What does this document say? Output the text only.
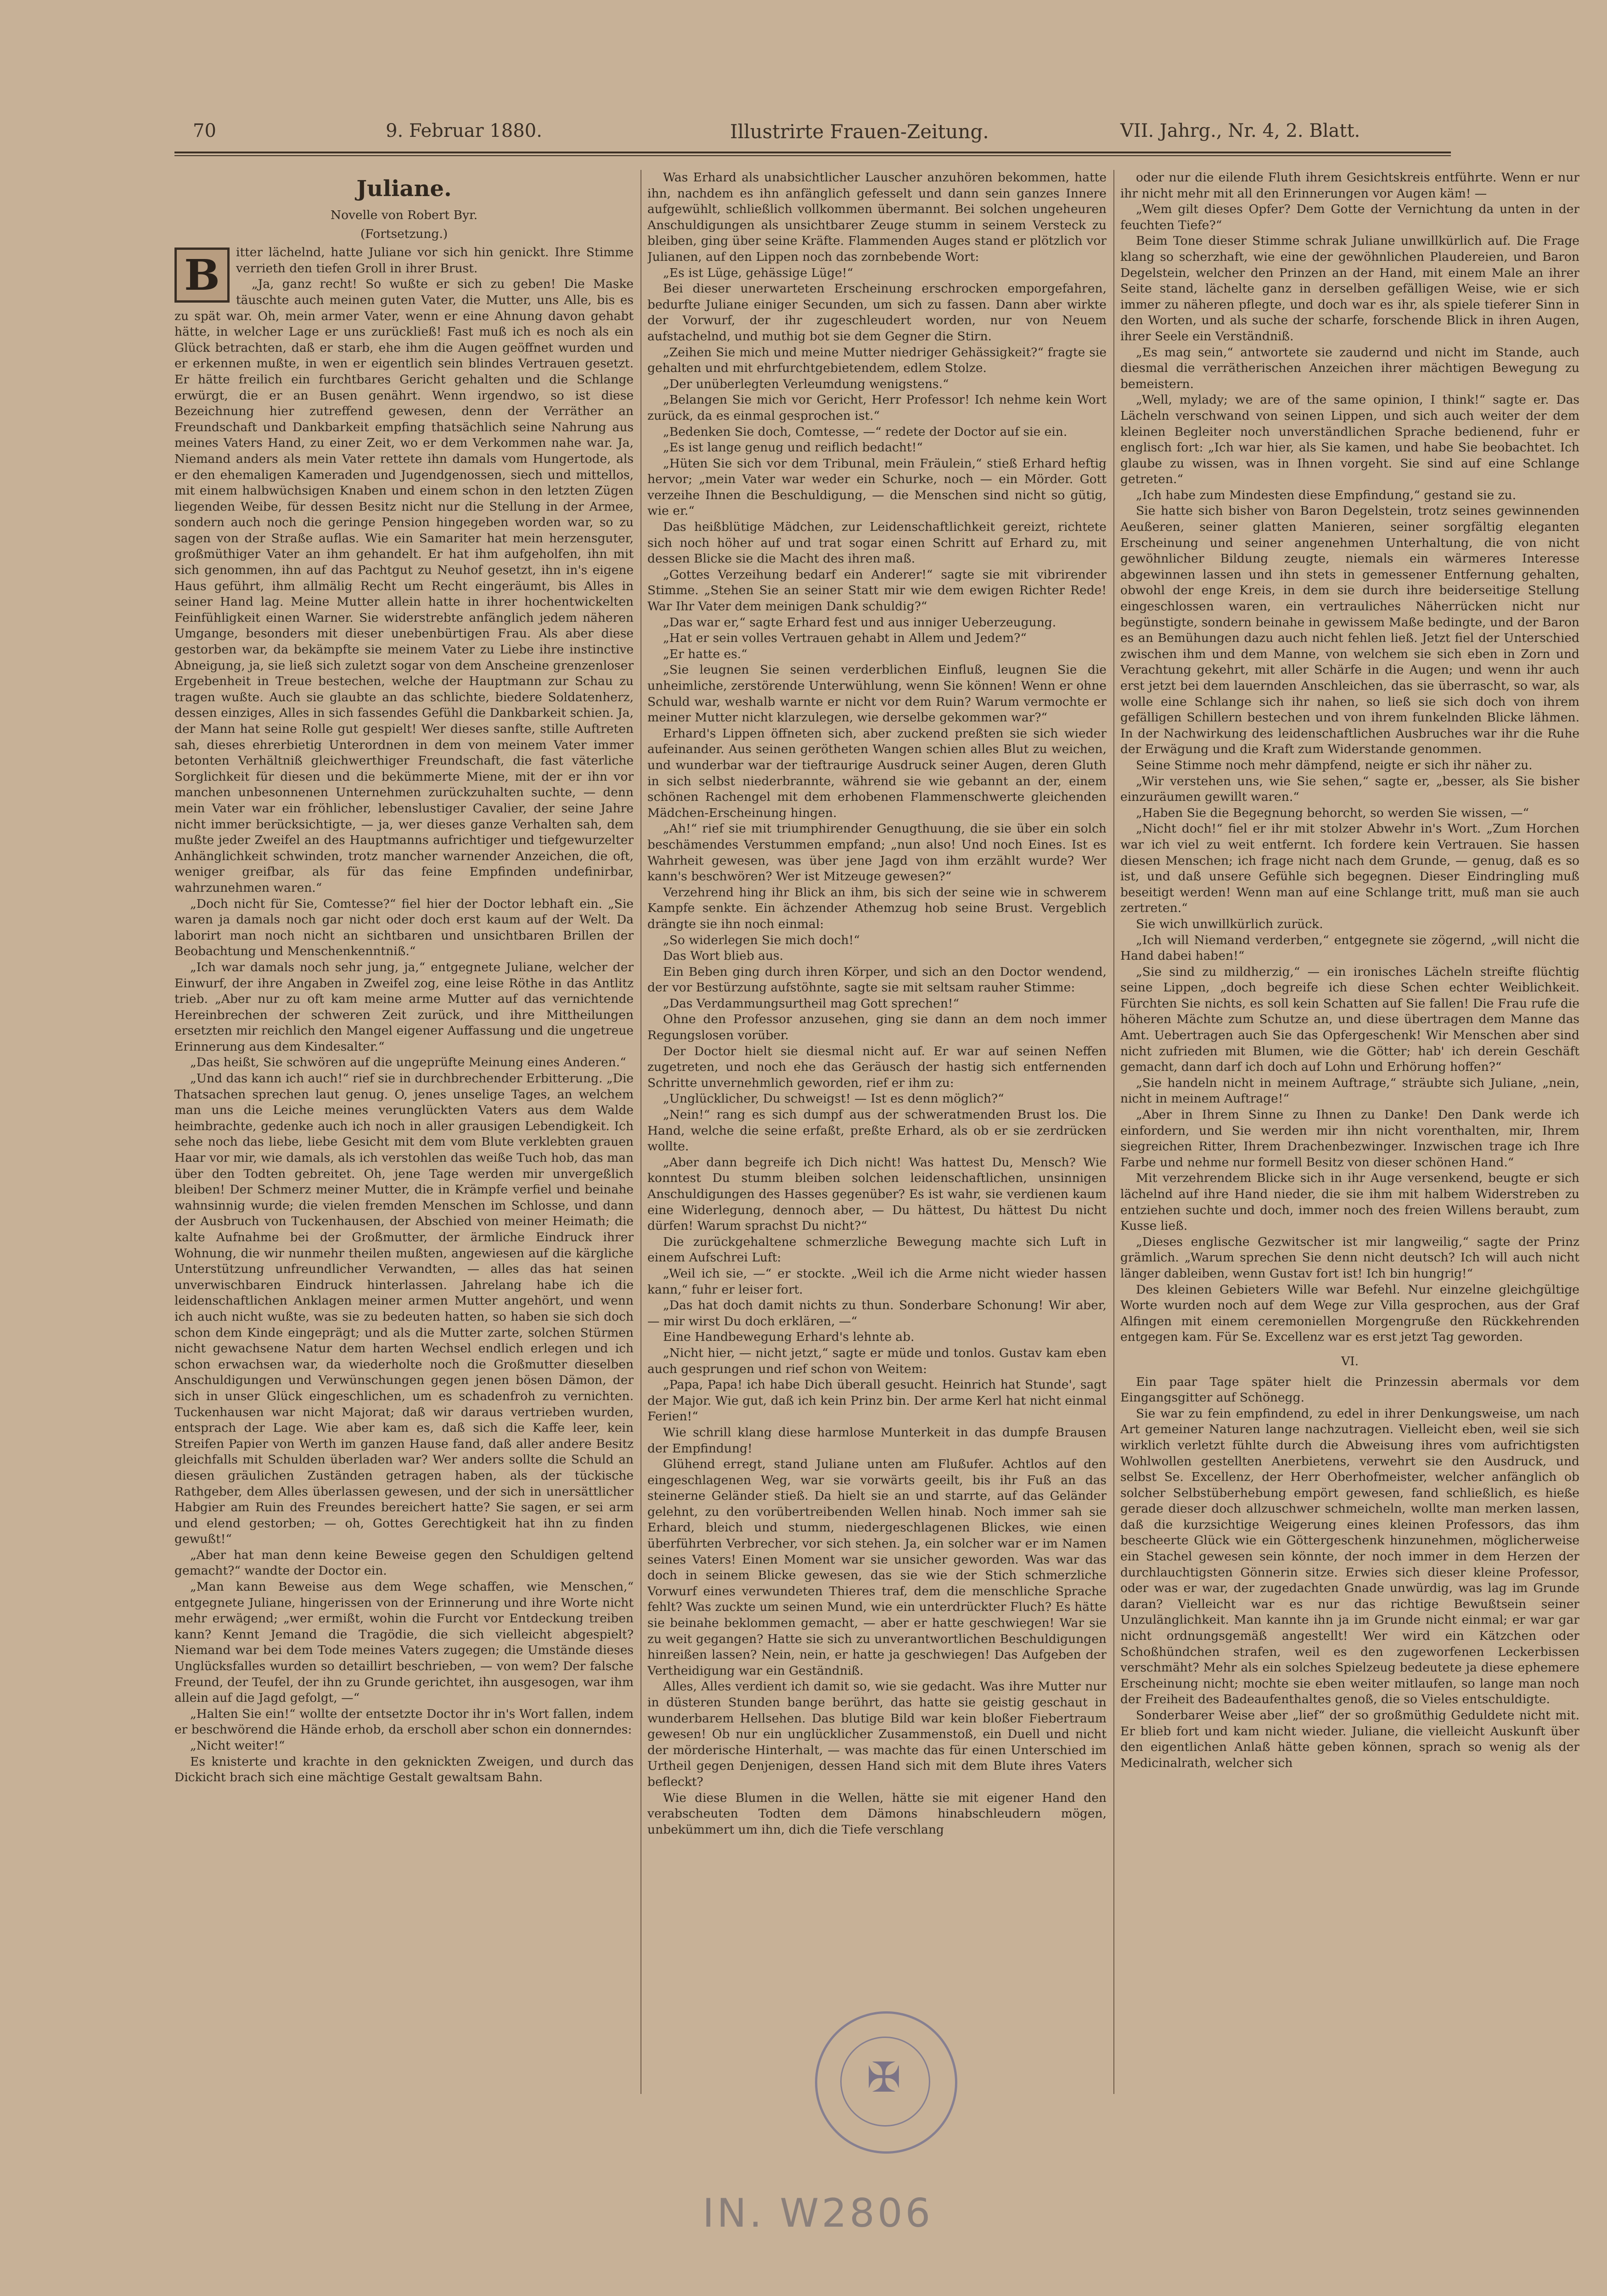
70	9. Februar 1880.	Illustrirte Frauen-Zeitung.	VII. Jahrg., Nr. 4, 2. Blatt.

Juliane.

Novelle von Robert Byr.

(Fortsetzung.)

B	itter lächelnd, hatte Juliane vor sich hin genickt. Ihre Stimme verrieth den tiefen Groll in ihrer Brust.

„Ja, ganz recht! So wußte er sich zu geben! Die Maske täuschte auch meinen guten Vater, die Mutter, uns Alle, bis es zu spät war. Oh, mein armer Vater, wenn er eine Ahnung davon gehabt hätte, in welcher Lage er uns zurückließ! Fast muß ich es noch als ein Glück betrachten, daß er starb, ehe ihm die Augen geöffnet wurden und er erkennen mußte, in wen er eigentlich sein blindes Vertrauen gesetzt. Er hätte freilich ein furchtbares Gericht gehalten und die Schlange erwürgt, die er an Busen genährt. Wenn irgendwo, so ist diese Bezeichnung hier zutreffend gewesen, denn der Verräther an Freundschaft und Dankbarkeit empfing thatsächlich seine Nahrung aus meines Vaters Hand, zu einer Zeit, wo er dem Verkommen nahe war. Ja, Niemand anders als mein Vater rettete ihn damals vom Hungertode, als er den ehemaligen Kameraden und Jugendgenossen, siech und mittellos, mit einem halbwüchsigen Knaben und einem schon in den letzten Zügen liegenden Weibe, für dessen Besitz nicht nur die Stellung in der Armee, sondern auch noch die geringe Pension hingegeben worden war, so zu sagen von der Straße auflas. Wie ein Samariter hat mein herzensguter, großmüthiger Vater an ihm gehandelt. Er hat ihm aufgeholfen, ihn mit sich genommen, ihn auf das Pachtgut zu Neuhof gesetzt, ihn in's eigene Haus geführt, ihm allmälig Recht um Recht eingeräumt, bis Alles in seiner Hand lag. Meine Mutter allein hatte in ihrer hochentwickelten Feinfühligkeit einen Warner. Sie widerstrebte anfänglich jedem näheren Umgange, besonders mit dieser unebenbürtigen Frau. Als aber diese gestorben war, da bekämpfte sie meinem Vater zu Liebe ihre instinctive Abneigung, ja, sie ließ sich zuletzt sogar von dem Anscheine grenzenloser Ergebenheit in Treue bestechen, welche der Hauptmann zur Schau zu tragen wußte. Auch sie glaubte an das schlichte, biedere Soldatenherz, dessen einziges, Alles in sich fassendes Gefühl die Dankbarkeit schien. Ja, der Mann hat seine Rolle gut gespielt! Wer dieses sanfte, stille Auftreten sah, dieses ehrerbietig Unterordnen in dem von meinem Vater immer betonten Verhältniß gleichwerthiger Freundschaft, die fast väterliche Sorglichkeit für diesen und die bekümmerte Miene, mit der er ihn vor manchen unbesonnenen Unternehmen zurückzuhalten suchte, — denn mein Vater war ein fröhlicher, lebenslustiger Cavalier, der seine Jahre nicht immer berücksichtigte, — ja, wer dieses ganze Verhalten sah, dem mußte jeder Zweifel an des Hauptmanns aufrichtiger und tiefgewurzelter Anhänglichkeit schwinden, trotz mancher warnender Anzeichen, die oft, weniger greifbar, als für das feine Empfinden undefinirbar, wahrzunehmen waren.“

„Doch nicht für Sie, Comtesse?“ fiel hier der Doctor lebhaft ein. „Sie waren ja damals noch gar nicht oder doch erst kaum auf der Welt. Da laborirt man noch nicht an sichtbaren und unsichtbaren Brillen der Beobachtung und Menschenkenntniß.“

„Ich war damals noch sehr jung, ja,“ entgegnete Juliane, welcher der Einwurf, der ihre Angaben in Zweifel zog, eine leise Röthe in das Antlitz trieb. „Aber nur zu oft kam meine arme Mutter auf das vernichtende Hereinbrechen der schweren Zeit zurück, und ihre Mittheilungen ersetzten mir reichlich den Mangel eigener Auffassung und die ungetreue Erinnerung aus dem Kindesalter.“

„Das heißt, Sie schwören auf die ungeprüfte Meinung eines Anderen.“

„Und das kann ich auch!“ rief sie in durchbrechender Erbitterung. „Die Thatsachen sprechen laut genug. O, jenes unselige Tages, an welchem man uns die Leiche meines verunglückten Vaters aus dem Walde heimbrachte, gedenke auch ich noch in aller grausigen Lebendigkeit. Ich sehe noch das liebe, liebe Gesicht mit dem vom Blute verklebten grauen Haar vor mir, wie damals, als ich verstohlen das weiße Tuch hob, das man über den Todten gebreitet. Oh, jene Tage werden mir unvergeßlich bleiben! Der Schmerz meiner Mutter, die in Krämpfe verfiel und beinahe wahnsinnig wurde; die vielen fremden Menschen im Schlosse, und dann der Ausbruch von Tuckenhausen, der Abschied von meiner Heimath; die kalte Aufnahme bei der Großmutter, der ärmliche Eindruck ihrer Wohnung, die wir nunmehr theilen mußten, angewiesen auf die kärgliche Unterstützung unfreundlicher Verwandten, — alles das hat seinen unverwischbaren Eindruck hinterlassen. Jahrelang habe ich die leidenschaftlichen Anklagen meiner armen Mutter angehört, und wenn ich auch nicht wußte, was sie zu bedeuten hatten, so haben sie sich doch schon dem Kinde eingeprägt; und als die Mutter zarte, solchen Stürmen nicht gewachsene Natur dem harten Wechsel endlich erlegen und ich schon erwachsen war, da wiederholte noch die Großmutter dieselben Anschuldigungen und Verwünschungen gegen jenen bösen Dämon, der sich in unser Glück eingeschlichen, um es schadenfroh zu vernichten. Tuckenhausen war nicht Majorat; daß wir daraus vertrieben wurden, entsprach der Lage. Wie aber kam es, daß sich die Kaffe leer, kein Streifen Papier von Werth im ganzen Hause fand, daß aller andere Besitz gleichfalls mit Schulden überladen war? Wer anders sollte die Schuld an diesen gräulichen Zuständen getragen haben, als der tückische Rathgeber, dem Alles überlassen gewesen, und der sich in unersättlicher Habgier am Ruin des Freundes bereichert hatte? Sie sagen, er sei arm und elend gestorben; — oh, Gottes Gerechtigkeit hat ihn zu finden gewußt!“

„Aber hat man denn keine Beweise gegen den Schuldigen geltend gemacht?“ wandte der Doctor ein.

„Man kann Beweise aus dem Wege schaffen, wie Menschen,“ entgegnete Juliane, hingerissen von der Erinnerung und ihre Worte nicht mehr erwägend; „wer ermißt, wohin die Furcht vor Entdeckung treiben kann? Kennt Jemand die Tragödie, die sich vielleicht abgespielt? Niemand war bei dem Tode meines Vaters zugegen; die Umstände dieses Unglücksfalles wurden so detaillirt beschrieben, — von wem? Der falsche Freund, der Teufel, der ihn zu Grunde gerichtet, ihn ausgesogen, war ihm allein auf die Jagd gefolgt, —“

„Halten Sie ein!“ wollte der entsetzte Doctor ihr in's Wort fallen, indem er beschwörend die Hände erhob, da erscholl aber schon ein donnerndes:

„Nicht weiter!“

Es knisterte und krachte in den geknickten Zweigen, und durch das Dickicht brach sich eine mächtige Gestalt gewaltsam Bahn.

Was Erhard als unabsichtlicher Lauscher anzuhören bekommen, hatte ihn, nachdem es ihn anfänglich gefesselt und dann sein ganzes Innere aufgewühlt, schließlich vollkommen übermannt. Bei solchen ungeheuren Anschuldigungen als unsichtbarer Zeuge stumm in seinem Versteck zu bleiben, ging über seine Kräfte. Flammenden Auges stand er plötzlich vor Julianen, auf den Lippen noch das zornbebende Wort:

„Es ist Lüge, gehässige Lüge!“

Bei dieser unerwarteten Erscheinung erschrocken emporgefahren, bedurfte Juliane einiger Secunden, um sich zu fassen. Dann aber wirkte der Vorwurf, der ihr zugeschleudert worden, nur von Neuem aufstachelnd, und muthig bot sie dem Gegner die Stirn.

„Zeihen Sie mich und meine Mutter niedriger Gehässigkeit?“ fragte sie gehalten und mit ehrfurchtgebietendem, edlem Stolze.

„Der unüberlegten Verleumdung wenigstens.“

„Belangen Sie mich vor Gericht, Herr Professor! Ich nehme kein Wort zurück, da es einmal gesprochen ist.“

„Bedenken Sie doch, Comtesse, —“ redete der Doctor auf sie ein.

„Es ist lange genug und reiflich bedacht!“

„Hüten Sie sich vor dem Tribunal, mein Fräulein,“ stieß Erhard heftig hervor; „mein Vater war weder ein Schurke, noch — ein Mörder. Gott verzeihe Ihnen die Beschuldigung, — die Menschen sind nicht so gütig, wie er.“

Das heißblütige Mädchen, zur Leidenschaftlichkeit gereizt, richtete sich noch höher auf und trat sogar einen Schritt auf Erhard zu, mit dessen Blicke sie die Macht des ihren maß.

„Gottes Verzeihung bedarf ein Anderer!“ sagte sie mit vibrirender Stimme. „Stehen Sie an seiner Statt mir wie dem ewigen Richter Rede! War Ihr Vater dem meinigen Dank schuldig?“

„Das war er,“ sagte Erhard fest und aus inniger Ueberzeugung.

„Hat er sein volles Vertrauen gehabt in Allem und Jedem?“

„Er hatte es.“

„Sie leugnen Sie seinen verderblichen Einfluß, leugnen Sie die unheimliche, zerstörende Unterwühlung, wenn Sie können! Wenn er ohne Schuld war, weshalb warnte er nicht vor dem Ruin? Warum vermochte er meiner Mutter nicht klarzulegen, wie derselbe gekommen war?“

Erhard's Lippen öffneten sich, aber zuckend preßten sie sich wieder aufeinander. Aus seinen gerötheten Wangen schien alles Blut zu weichen, und wunderbar war der tieftraurige Ausdruck seiner Augen, deren Gluth in sich selbst niederbrannte, während sie wie gebannt an der, einem schönen Rachengel mit dem erhobenen Flammenschwerte gleichenden Mädchen-Erscheinung hingen.

„Ah!“ rief sie mit triumphirender Genugthuung, die sie über ein solch beschämendes Verstummen empfand; „nun also! Und noch Eines. Ist es Wahrheit gewesen, was über jene Jagd von ihm erzählt wurde? Wer kann's beschwören? Wer ist Mitzeuge gewesen?“

Verzehrend hing ihr Blick an ihm, bis sich der seine wie in schwerem Kampfe senkte. Ein ächzender Athemzug hob seine Brust. Vergeblich drängte sie ihn noch einmal:

„So widerlegen Sie mich doch!“

Das Wort blieb aus.

Ein Beben ging durch ihren Körper, und sich an den Doctor wendend, der vor Bestürzung aufstöhnte, sagte sie mit seltsam rauher Stimme:

„Das Verdammungsurtheil mag Gott sprechen!“

Ohne den Professor anzusehen, ging sie dann an dem noch immer Regungslosen vorüber.

Der Doctor hielt sie diesmal nicht auf. Er war auf seinen Neffen zugetreten, und noch ehe das Geräusch der hastig sich entfernenden Schritte unvernehmlich geworden, rief er ihm zu:

„Unglücklicher, Du schweigst! — Ist es denn möglich?“

„Nein!“ rang es sich dumpf aus der schweratmenden Brust los. Die Hand, welche die seine erfaßt, preßte Erhard, als ob er sie zerdrücken wollte.

„Aber dann begreife ich Dich nicht! Was hattest Du, Mensch? Wie konntest Du stumm bleiben solchen leidenschaftlichen, unsinnigen Anschuldigungen des Hasses gegenüber? Es ist wahr, sie verdienen kaum eine Widerlegung, dennoch aber, — Du hättest, Du hättest Du nicht dürfen! Warum sprachst Du nicht?“

Die zurückgehaltene schmerzliche Bewegung machte sich Luft in einem Aufschrei Luft:

„Weil ich sie, —“ er stockte. „Weil ich die Arme nicht wieder hassen kann,“ fuhr er leiser fort.

„Das hat doch damit nichts zu thun. Sonderbare Schonung! Wir aber, — mir wirst Du doch erklären, —“

Eine Handbewegung Erhard's lehnte ab.

„Nicht hier, — nicht jetzt,“ sagte er müde und tonlos. Gustav kam eben auch gesprungen und rief schon von Weitem:

„Papa, Papa! ich habe Dich überall gesucht. Heinrich hat Stunde', sagt der Major. Wie gut, daß ich kein Prinz bin. Der arme Kerl hat nicht einmal Ferien!“

Wie schrill klang diese harmlose Munterkeit in das dumpfe Brausen der Empfindung!

Glühend erregt, stand Juliane unten am Flußufer. Achtlos auf den eingeschlagenen Weg, war sie vorwärts geeilt, bis ihr Fuß an das steinerne Geländer stieß. Da hielt sie an und starrte, auf das Geländer gelehnt, zu den vorübertreibenden Wellen hinab. Noch immer sah sie Erhard, bleich und stumm, niedergeschlagenen Blickes, wie einen überführten Verbrecher, vor sich stehen. Ja, ein solcher war er im Namen seines Vaters! Einen Moment war sie unsicher geworden. Was war das doch in seinem Blicke gewesen, das sie wie der Stich schmerzliche Vorwurf eines verwundeten Thieres traf, dem die menschliche Sprache fehlt? Was zuckte um seinen Mund, wie ein unterdrückter Fluch? Es hätte sie beinahe beklommen gemacht, — aber er hatte geschwiegen! War sie zu weit gegangen? Hatte sie sich zu unverantwortlichen Beschuldigungen hinreißen lassen? Nein, nein, er hatte ja geschwiegen! Das Aufgeben der Vertheidigung war ein Geständniß.

Alles, Alles verdient ich damit so, wie sie gedacht. Was ihre Mutter nur in düsteren Stunden bange berührt, das hatte sie geistig geschaut in wunderbarem Hellsehen. Das blutige Bild war kein bloßer Fiebertraum gewesen! Ob nur ein unglücklicher Zusammenstoß, ein Duell und nicht der mörderische Hinterhalt, — was machte das für einen Unterschied im Urtheil gegen Denjenigen, dessen Hand sich mit dem Blute ihres Vaters befleckt?

Wie diese Blumen in die Wellen, hätte sie mit eigener Hand den verabscheuten Todten dem Dämons hinabschleudern mögen, unbekümmert um ihn, dich die Tiefe verschlang

oder nur die eilende Fluth ihrem Gesichtskreis entführte. Wenn er nur ihr nicht mehr mit all den Erinnerungen vor Augen käm! —

„Wem gilt dieses Opfer? Dem Gotte der Vernichtung da unten in der feuchten Tiefe?“

Beim Tone dieser Stimme schrak Juliane unwillkürlich auf. Die Frage klang so scherzhaft, wie eine der gewöhnlichen Plaudereien, und Baron Degelstein, welcher den Prinzen an der Hand, mit einem Male an ihrer Seite stand, lächelte ganz in derselben gefälligen Weise, wie er sich immer zu näheren pflegte, und doch war es ihr, als spiele tieferer Sinn in den Worten, und als suche der scharfe, forschende Blick in ihren Augen, ihrer Seele ein Verständniß.

„Es mag sein,“ antwortete sie zaudernd und nicht im Stande, auch diesmal die verrätherischen Anzeichen ihrer mächtigen Bewegung zu bemeistern.

„Well, mylady; we are of the same opinion, I think!“ sagte er. Das Lächeln verschwand von seinen Lippen, und sich auch weiter der dem kleinen Begleiter noch unverständlichen Sprache bedienend, fuhr er englisch fort: „Ich war hier, als Sie kamen, und habe Sie beobachtet. Ich glaube zu wissen, was in Ihnen vorgeht. Sie sind auf eine Schlange getreten.“

„Ich habe zum Mindesten diese Empfindung,“ gestand sie zu.

Sie hatte sich bisher von Baron Degelstein, trotz seines gewinnenden Aeußeren, seiner glatten Manieren, seiner sorgfältig eleganten Erscheinung und seiner angenehmen Unterhaltung, die von nicht gewöhnlicher Bildung zeugte, niemals ein wärmeres Interesse abgewinnen lassen und ihn stets in gemessener Entfernung gehalten, obwohl der enge Kreis, in dem sie durch ihre beiderseitige Stellung eingeschlossen waren, ein vertrauliches Näherrücken nicht nur begünstigte, sondern beinahe in gewissem Maße bedingte, und der Baron es an Bemühungen dazu auch nicht fehlen ließ. Jetzt fiel der Unterschied zwischen ihm und dem Manne, von welchem sie sich eben in Zorn und Verachtung gekehrt, mit aller Schärfe in die Augen; und wenn ihr auch erst jetzt bei dem lauernden Anschleichen, das sie überrascht, so war, als wolle eine Schlange sich ihr nahen, so ließ sie sich doch von ihrem gefälligen Schillern bestechen und von ihrem funkelnden Blicke lähmen. In der Nachwirkung des leidenschaftlichen Ausbruches war ihr die Ruhe der Erwägung und die Kraft zum Widerstande genommen.

Seine Stimme noch mehr dämpfend, neigte er sich ihr näher zu.

„Wir verstehen uns, wie Sie sehen,“ sagte er, „besser, als Sie bisher einzuräumen gewillt waren.“

„Haben Sie die Begegnung behorcht, so werden Sie wissen, —“

„Nicht doch!“ fiel er ihr mit stolzer Abwehr in's Wort. „Zum Horchen war ich viel zu weit entfernt. Ich fordere kein Vertrauen. Sie hassen diesen Menschen; ich frage nicht nach dem Grunde, — genug, daß es so ist, und daß unsere Gefühle sich begegnen. Dieser Eindringling muß beseitigt werden! Wenn man auf eine Schlange tritt, muß man sie auch zertreten.“

Sie wich unwillkürlich zurück.

„Ich will Niemand verderben,“ entgegnete sie zögernd, „will nicht die Hand dabei haben!“

„Sie sind zu mildherzig,“ — ein ironisches Lächeln streifte flüchtig seine Lippen, „doch begreife ich diese Schen echter Weiblichkeit. Fürchten Sie nichts, es soll kein Schatten auf Sie fallen! Die Frau rufe die höheren Mächte zum Schutze an, und diese übertragen dem Manne das Amt. Uebertragen auch Sie das Opfergeschenk! Wir Menschen aber sind nicht zufrieden mit Blumen, wie die Götter; hab' ich derein Geschäft gemacht, dann darf ich doch auf Lohn und Erhörung hoffen?“

„Sie handeln nicht in meinem Auftrage,“ sträubte sich Juliane, „nein, nicht in meinem Auftrage!“

„Aber in Ihrem Sinne zu Ihnen zu Danke! Den Dank werde ich einfordern, und Sie werden mir ihn nicht vorenthalten, mir, Ihrem siegreichen Ritter, Ihrem Drachenbezwinger. Inzwischen trage ich Ihre Farbe und nehme nur formell Besitz von dieser schönen Hand.“

Mit verzehrendem Blicke sich in ihr Auge versenkend, beugte er sich lächelnd auf ihre Hand nieder, die sie ihm mit halbem Widerstreben zu entziehen suchte und doch, immer noch des freien Willens beraubt, zum Kusse ließ.

„Dieses englische Gezwitscher ist mir langweilig,“ sagte der Prinz grämlich. „Warum sprechen Sie denn nicht deutsch? Ich will auch nicht länger dableiben, wenn Gustav fort ist! Ich bin hungrig!“

Des kleinen Gebieters Wille war Befehl. Nur einzelne gleichgültige Worte wurden noch auf dem Wege zur Villa gesprochen, aus der Graf Alfingen mit einem ceremoniellen Morgengruße den Rückkehrenden entgegen kam. Für Se. Excellenz war es erst jetzt Tag geworden.

VI.

Ein paar Tage später hielt die Prinzessin abermals vor dem Eingangsgitter auf Schönegg.

Sie war zu fein empfindend, zu edel in ihrer Denkungsweise, um nach Art gemeiner Naturen lange nachzutragen. Vielleicht eben, weil sie sich wirklich verletzt fühlte durch die Abweisung ihres vom aufrichtigsten Wohlwollen gestellten Anerbietens, verwehrt sie den Ausdruck, und selbst Se. Excellenz, der Herr Oberhofmeister, welcher anfänglich ob solcher Selbstüberhebung empört gewesen, fand schließlich, es hieße gerade dieser doch allzuschwer schmeicheln, wollte man merken lassen, daß die kurzsichtige Weigerung eines kleinen Professors, das ihm bescheerte Glück wie ein Göttergeschenk hinzunehmen, möglicherweise ein Stachel gewesen sein könnte, der noch immer in dem Herzen der durchlauchtigsten Gönnerin sitze. Erwies sich dieser kleine Professor, oder was er war, der zugedachten Gnade unwürdig, was lag im Grunde daran? Vielleicht war es nur das richtige Bewußtsein seiner Unzulänglichkeit. Man kannte ihn ja im Grunde nicht einmal; er war gar nicht ordnungsgemäß angestellt! Wer wird ein Kätzchen oder Schoßhündchen strafen, weil es den zugeworfenen Leckerbissen verschmäht? Mehr als ein solches Spielzeug bedeutete ja diese ephemere Erscheinung nicht; mochte sie eben weiter mitlaufen, so lange man noch der Freiheit des Badeaufenthaltes genoß, die so Vieles entschuldigte.

Sonderbarer Weise aber „lief“ der so großmüthig Geduldete nicht mit. Er blieb fort und kam nicht wieder. Juliane, die vielleicht Auskunft über den eigentlichen Anlaß hätte geben können, sprach so wenig als der Medicinalrath, welcher sich

✠
IN. W2806
